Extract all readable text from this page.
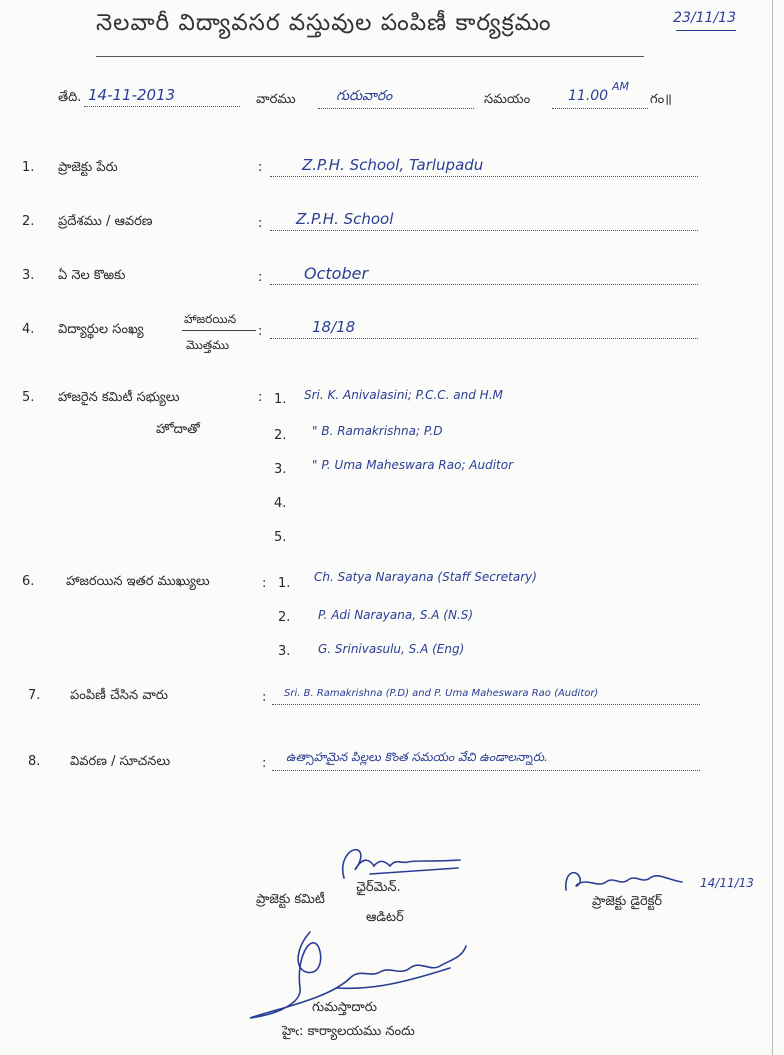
నెలవారీ విద్యావసర వస్తువుల పంపిణీ కార్యక్రమం	23/11/13
తేది. 14-11-2013	వారము	గురువారం	సమయం	11.00
AM
గం॥
1. ప్రాజెక్టు పేరు	:	Z.P.H. School, Tarlupadu
2. ప్రదేశము / ఆవరణ	: Z.P.H. School
3. ఏ నెల కొఱకు	:	October
4. విద్యార్థుల సంఖ్య
హాజరయిన
మొత్తము
:	18/18
5. హాజరైన కమిటీ సభ్యులు
హోదాతో
: 1. Sri. K. Anivalasini; P.C.C. and H.M
2. " B. Ramakrishna; P.D
3. " P. Uma Maheswara Rao; Auditor
4.
5.
6. హాజరయిన ఇతర ముఖ్యులు	: 1. Ch. Satya Narayana (Staff Secretary)
2. P. Adi Narayana, S.A (N.S)
3. G. Srinivasulu, S.A (Eng)
7. పంపిణీ చేసిన వారు	: Sri. B. Ramakrishna (P.D) and P. Uma Maheswara Rao (Auditor)
8. వివరణ / సూచనలు	: ఉత్సాహమైన పిల్లలు కొంత సమయం వేచి ఉండాలన్నారు.
ప్రాజెక్టు కమిటీ
ఛైర్‌మెన్.
ఆడిటర్
14/11/13
ప్రాజెక్టు డైరెక్టర్
గుమస్తాదారు
హైఁ: కార్యాలయము నందు
